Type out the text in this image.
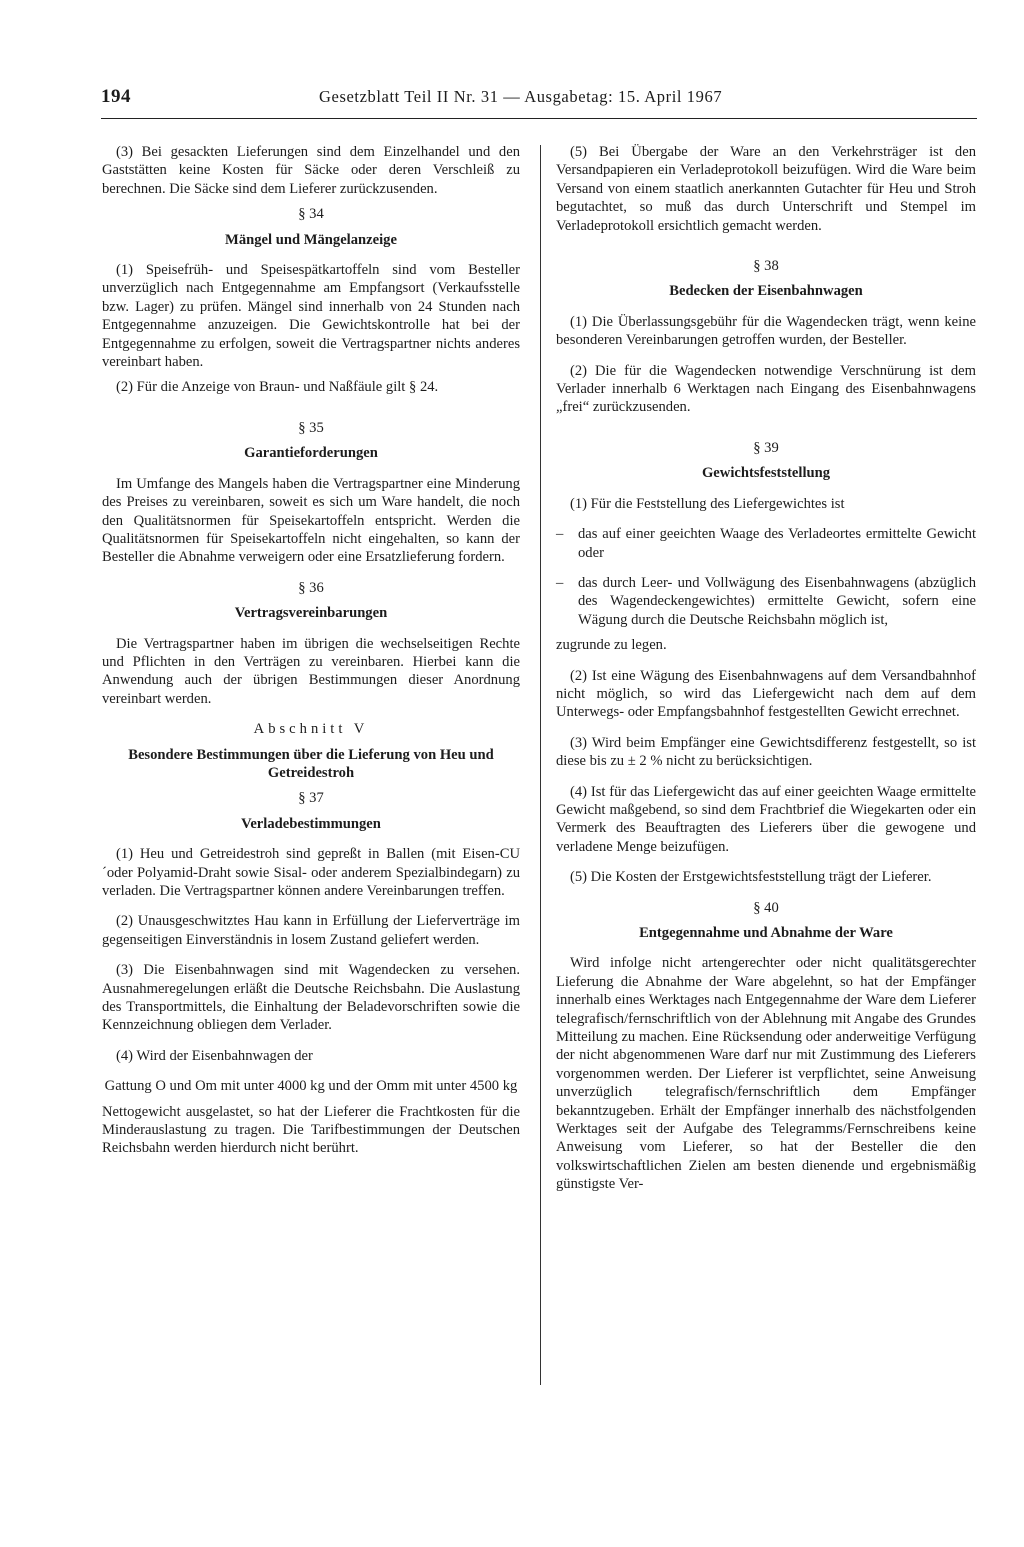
194	Gesetzblatt Teil II Nr. 31 — Ausgabetag: 15. April 1967

(3) Bei gesackten Lieferungen sind dem Einzelhandel und den Gaststätten keine Kosten für Säcke oder deren Verschleiß zu berechnen. Die Säcke sind dem Lieferer zurückzusenden.

§ 34

Mängel und Mängelanzeige

(1) Speisefrüh- und Speisespätkartoffeln sind vom Besteller unverzüglich nach Entgegennahme am Empfangsort (Verkaufsstelle bzw. Lager) zu prüfen. Mängel sind innerhalb von 24 Stunden nach Entgegennahme anzuzeigen. Die Gewichtskontrolle hat bei der Entgegennahme zu erfolgen, soweit die Vertragspartner nichts anderes vereinbart haben.

(2) Für die Anzeige von Braun- und Naßfäule gilt § 24.

§ 35

Garantieforderungen

Im Umfange des Mangels haben die Vertragspartner eine Minderung des Preises zu vereinbaren, soweit es sich um Ware handelt, die noch den Qualitätsnormen für Speisekartoffeln entspricht. Werden die Qualitätsnormen für Speisekartoffeln nicht eingehalten, so kann der Besteller die Abnahme verweigern oder eine Ersatzlieferung fordern.

§ 36

Vertragsvereinbarungen

Die Vertragspartner haben im übrigen die wechselseitigen Rechte und Pflichten in den Verträgen zu vereinbaren. Hierbei kann die Anwendung auch der übrigen Bestimmungen dieser Anordnung vereinbart werden.

Abschnitt V

Besondere Bestimmungen über die Lieferung von Heu und Getreidestroh

§ 37

Verladebestimmungen

(1) Heu und Getreidestroh sind gepreßt in Ballen (mit Eisen-CU´oder Polyamid-Draht sowie Sisal- oder anderem Spezialbindegarn) zu verladen. Die Vertragspartner können andere Vereinbarungen treffen.

(2) Unausgeschwitztes Hau kann in Erfüllung der Lieferverträge im gegenseitigen Einverständnis in losem Zustand geliefert werden.

(3) Die Eisenbahnwagen sind mit Wagendecken zu versehen. Ausnahmeregelungen erläßt die Deutsche Reichsbahn. Die Auslastung des Transportmittels, die Einhaltung der Beladevorschriften sowie die Kennzeichnung obliegen dem Verlader.

(4) Wird der Eisenbahnwagen der

Gattung O und Om mit unter 4000 kg und der Omm mit unter 4500 kg

Nettogewicht ausgelastet, so hat der Lieferer die Frachtkosten für die Minderauslastung zu tragen. Die Tarifbestimmungen der Deutschen Reichsbahn werden hierdurch nicht berührt.

(5) Bei Übergabe der Ware an den Verkehrsträger ist den Versandpapieren ein Verladeprotokoll beizufügen. Wird die Ware beim Versand von einem staatlich anerkannten Gutachter für Heu und Stroh begutachtet, so muß das durch Unterschrift und Stempel im Verladeprotokoll ersichtlich gemacht werden.

§ 38

Bedecken der Eisenbahnwagen

(1) Die Überlassungsgebühr für die Wagendecken trägt, wenn keine besonderen Vereinbarungen getroffen wurden, der Besteller.

(2) Die für die Wagendecken notwendige Verschnürung ist dem Verlader innerhalb 6 Werktagen nach Eingang des Eisenbahnwagens „frei“ zurückzusenden.

§ 39

Gewichtsfeststellung

(1) Für die Feststellung des Liefergewichtes ist

– das auf einer geeichten Waage des Verladeortes ermittelte Gewicht oder

– das durch Leer- und Vollwägung des Eisenbahnwagens (abzüglich des Wagendeckengewichtes) ermittelte Gewicht, sofern eine Wägung durch die Deutsche Reichsbahn möglich ist,

zugrunde zu legen.

(2) Ist eine Wägung des Eisenbahnwagens auf dem Versandbahnhof nicht möglich, so wird das Liefergewicht nach dem auf dem Unterwegs- oder Empfangsbahnhof festgestellten Gewicht errechnet.

(3) Wird beim Empfänger eine Gewichtsdifferenz festgestellt, so ist diese bis zu ± 2 % nicht zu berücksichtigen.

(4) Ist für das Liefergewicht das auf einer geeichten Waage ermittelte Gewicht maßgebend, so sind dem Frachtbrief die Wiegekarten oder ein Vermerk des Beauftragten des Lieferers über die gewogene und verladene Menge beizufügen.

(5) Die Kosten der Erstgewichtsfeststellung trägt der Lieferer.

§ 40

Entgegennahme und Abnahme der Ware

Wird infolge nicht artengerechter oder nicht qualitätsgerechter Lieferung die Abnahme der Ware abgelehnt, so hat der Empfänger innerhalb eines Werktages nach Entgegennahme der Ware dem Lieferer telegrafisch/fernschriftlich von der Ablehnung mit Angabe des Grundes Mitteilung zu machen. Eine Rücksendung oder anderweitige Verfügung der nicht abgenommenen Ware darf nur mit Zustimmung des Lieferers vorgenommen werden. Der Lieferer ist verpflichtet, seine Anweisung unverzüglich telegrafisch/fernschriftlich dem Empfänger bekanntzugeben. Erhält der Empfänger innerhalb des nächstfolgenden Werktages seit der Aufgabe des Telegramms/Fernschreibens keine Anweisung vom Lieferer, so hat der Besteller die den volkswirtschaftlichen Zielen am besten dienende und ergebnismäßig günstigste Ver-
